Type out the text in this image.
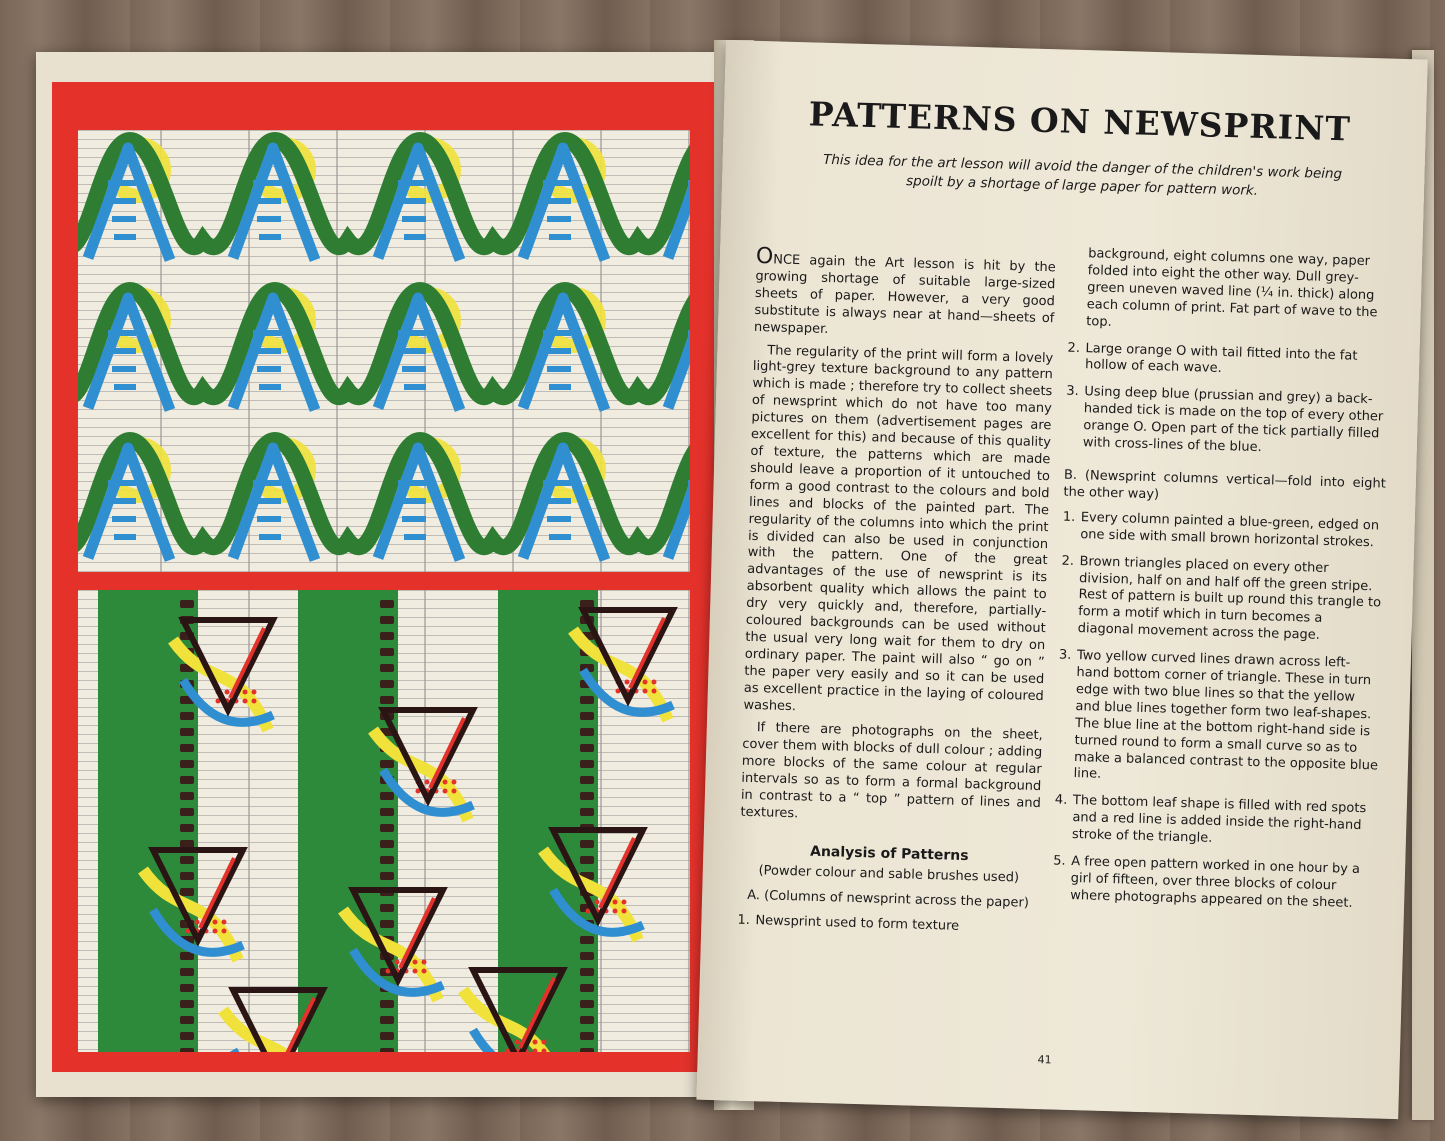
PATTERNS ON NEWSPRINT
This idea for the art lesson will avoid the danger of the children's work being spoilt by a shortage of large paper for pattern work.

ONCE again the Art lesson is hit by the growing shortage of suitable large-sized sheets of paper. However, a very good substitute is always near at hand—sheets of newspaper.

The regularity of the print will form a lovely light-grey texture background to any pattern which is made ; therefore try to collect sheets of newsprint which do not have too many pictures on them (advertisement pages are excellent for this) and because of this quality of texture, the patterns which are made should leave a proportion of it untouched to form a good contrast to the colours and bold lines and blocks of the painted part. The regularity of the columns into which the print is divided can also be used in conjunction with the pattern. One of the great advantages of the use of newsprint is its absorbent quality which allows the paint to dry very quickly and, therefore, partially-coloured backgrounds can be used without the usual very long wait for them to dry on ordinary paper. The paint will also “ go on ” the paper very easily and so it can be used as excellent practice in the laying of coloured washes.

If there are photographs on the sheet, cover them with blocks of dull colour ; adding more blocks of the same colour at regular intervals so as to form a formal background in contrast to a “ top ” pattern of lines and textures.

Analysis of Patterns
(Powder colour and sable brushes used)
A. (Columns of newsprint across the paper)
1. Newsprint used to form texture
background, eight columns one way, paper folded into eight the other way. Dull grey-green uneven waved line (¼ in. thick) along each column of print. Fat part of wave to the top.
2. Large orange O with tail fitted into the fat hollow of each wave.
3. Using deep blue (prussian and grey) a back-handed tick is made on the top of every other orange O. Open part of the tick partially filled with cross-lines of the blue.
B. (Newsprint columns vertical—fold into eight the other way)
1. Every column painted a blue-green, edged on one side with small brown horizontal strokes.
2. Brown triangles placed on every other division, half on and half off the green stripe. Rest of pattern is built up round this trangle to form a motif which in turn becomes a diagonal movement across the page.
3. Two yellow curved lines drawn across left-hand bottom corner of triangle. These in turn edge with two blue lines so that the yellow and blue lines together form two leaf-shapes. The blue line at the bottom right-hand side is turned round to form a small curve so as to make a balanced contrast to the opposite blue line.
4. The bottom leaf shape is filled with red spots and a red line is added inside the right-hand stroke of the triangle.
5. A free open pattern worked in one hour by a girl of fifteen, over three blocks of colour where photographs appeared on the sheet.
41
